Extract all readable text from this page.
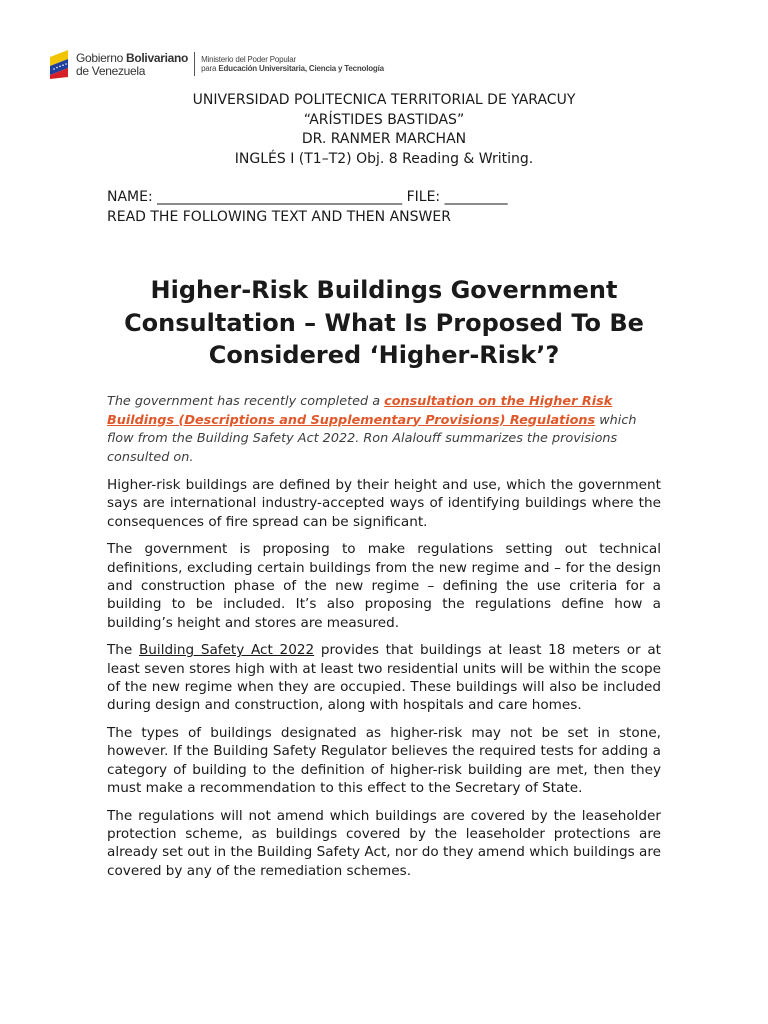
Gobierno Bolivariano
de Venezuela
Ministerio del Poder Popular
para Educación Universitaria, Ciencia y Tecnología
UNIVERSIDAD POLITECNICA TERRITORIAL DE YARACUY
“ARÍSTIDES BASTIDAS”
DR. RANMER MARCHAN
INGLÉS I (T1–T2) Obj. 8 Reading & Writing.
NAME: ___________________________________ FILE: _________
READ THE FOLLOWING TEXT AND THEN ANSWER
Higher-Risk Buildings Government Consultation – What Is Proposed To Be Considered ‘Higher-Risk’?
The government has recently completed a consultation on the Higher Risk Buildings (Descriptions and Supplementary Provisions) Regulations which flow from the Building Safety Act 2022. Ron Alalouff summarizes the provisions consulted on.

Higher-risk buildings are defined by their height and use, which the government says are international industry-accepted ways of identifying buildings where the consequences of fire spread can be significant.

The government is proposing to make regulations setting out technical definitions, excluding certain buildings from the new regime and – for the design and construction phase of the new regime – defining the use criteria for a building to be included. It’s also proposing the regulations define how a building’s height and stores are measured.

The Building Safety Act 2022 provides that buildings at least 18 meters or at least seven stores high with at least two residential units will be within the scope of the new regime when they are occupied. These buildings will also be included during design and construction, along with hospitals and care homes.

The types of buildings designated as higher-risk may not be set in stone, however. If the Building Safety Regulator believes the required tests for adding a category of building to the definition of higher-risk building are met, then they must make a recommendation to this effect to the Secretary of State.

The regulations will not amend which buildings are covered by the leaseholder protection scheme, as buildings covered by the leaseholder protections are already set out in the Building Safety Act, nor do they amend which buildings are covered by any of the remediation schemes.
